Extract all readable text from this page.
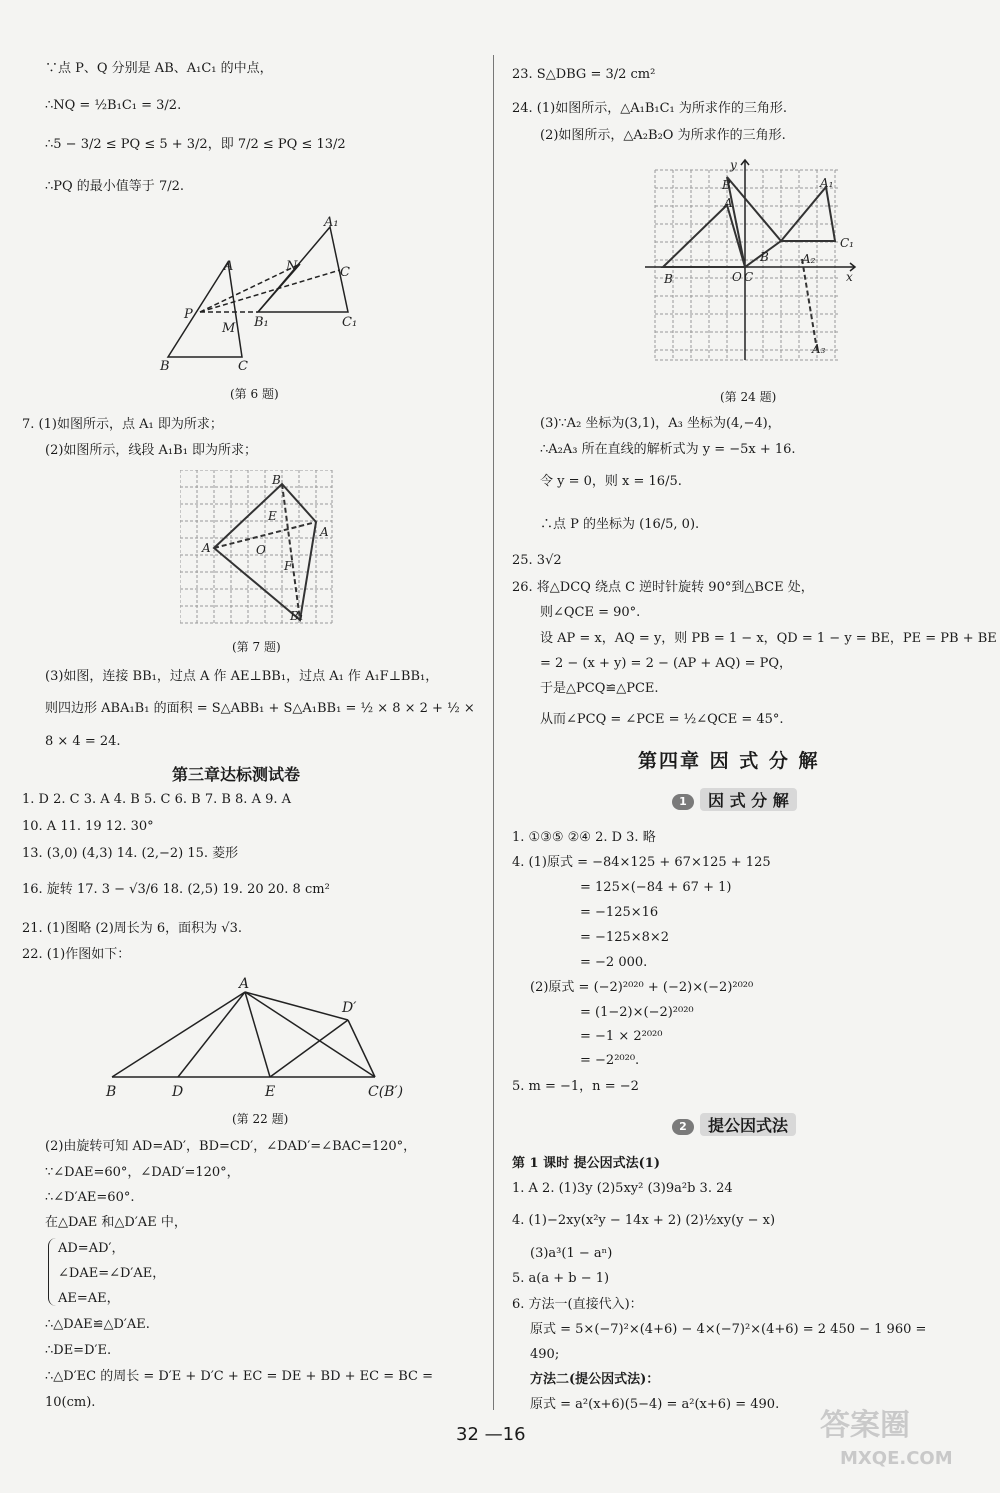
∵点 P、Q 分别是 AB、A₁C₁ 的中点，
∴NQ = ½B₁C₁ = 3/2.
∴5 − 3/2 ≤ PQ ≤ 5 + 3/2，即 7/2 ≤ PQ ≤ 13/2
∴PQ 的最小值等于 7/2.
A
B	C
P
M
N
A₁
B₁	C₁
C
(第 6 题)
7. (1)如图所示，点 A₁ 即为所求；
(2)如图所示，线段 A₁B₁ 即为所求；
B
A
A
E
O
F
B₁
(第 7 题)
(3)如图，连接 BB₁，过点 A 作 AE⊥BB₁，过点 A₁ 作 A₁F⊥BB₁，
则四边形 ABA₁B₁ 的面积 = S△ABB₁ + S△A₁BB₁ = ½ × 8 × 2 + ½ ×
8 × 4 = 24.
第三章达标测试卷
1. D 2. C 3. A 4. B 5. C 6. B 7. B 8. A 9. A
10. A 11. 19 12. 30°
13. (3,0) (4,3) 14. (2,−2) 15. 菱形
16. 旋转 17. 3 − √3/6 18. (2,5) 19. 20 20. 8 cm²
21. (1)图略 (2)周长为 6，面积为 √3.
22. (1)作图如下：
A
B	D	E	C(B′)
D′
(第 22 题)
(2)由旋转可知 AD=AD′，BD=CD′，∠DAD′=∠BAC=120°，
∵∠DAE=60°，∠DAD′=120°，
∴∠D′AE=60°.
在△DAE 和△D′AE 中，
AD=AD′，
∠DAE=∠D′AE，
AE=AE，
∴△DAE≌△D′AE.
∴DE=D′E.
∴△D′EC 的周长 = D′E + D′C + EC = DE + BD + EC = BC =
10(cm).
23. S△DBG = 3/2 cm²
24. (1)如图所示，△A₁B₁C₁ 为所求作的三角形.
(2)如图所示，△A₂B₂O 为所求作的三角形.
y
x
B	O C
B
A
B
A₁
C₁
A₂
A₃
(第 24 题)
(3)∵A₂ 坐标为(3,1)，A₃ 坐标为(4,−4)，
∴A₂A₃ 所在直线的解析式为 y = −5x + 16.
令 y = 0，则 x = 16/5.
∴点 P 的坐标为 (16/5, 0).
25. 3√2
26. 将△DCQ 绕点 C 逆时针旋转 90°到△BCE 处，
则∠QCE = 90°.
设 AP = x，AQ = y，则 PB = 1 − x，QD = 1 − y = BE，PE = PB + BE
= 2 − (x + y) = 2 − (AP + AQ) = PQ，
于是△PCQ≌△PCE.
从而∠PCQ = ∠PCE = ½∠QCE = 45°.
第四章 因 式 分 解
1 因 式 分 解
1. ①③⑤ ②④ 2. D 3. 略
4. (1)原式 = −84×125 + 67×125 + 125
= 125×(−84 + 67 + 1)
= −125×16
= −125×8×2
= −2 000.
(2)原式 = (−2)²⁰²⁰ + (−2)×(−2)²⁰²⁰
= (1−2)×(−2)²⁰²⁰
= −1 × 2²⁰²⁰
= −2²⁰²⁰.
5. m = −1，n = −2
2 提公因式法
第 1 课时 提公因式法(1)
1. A 2. (1)3y (2)5xy² (3)9a²b 3. 24
4. (1)−2xy(x²y − 14x + 2) (2)½xy(y − x)
(3)a³(1 − aⁿ)
5. a(a + b − 1)
6. 方法一(直接代入)：
原式 = 5×(−7)²×(4+6) − 4×(−7)²×(4+6) = 2 450 − 1 960 =
490;
方法二(提公因式法)：
原式 = a²(x+6)(5−4) = a²(x+6) = 490.
32 —16	答案圈
MXQE.COM
